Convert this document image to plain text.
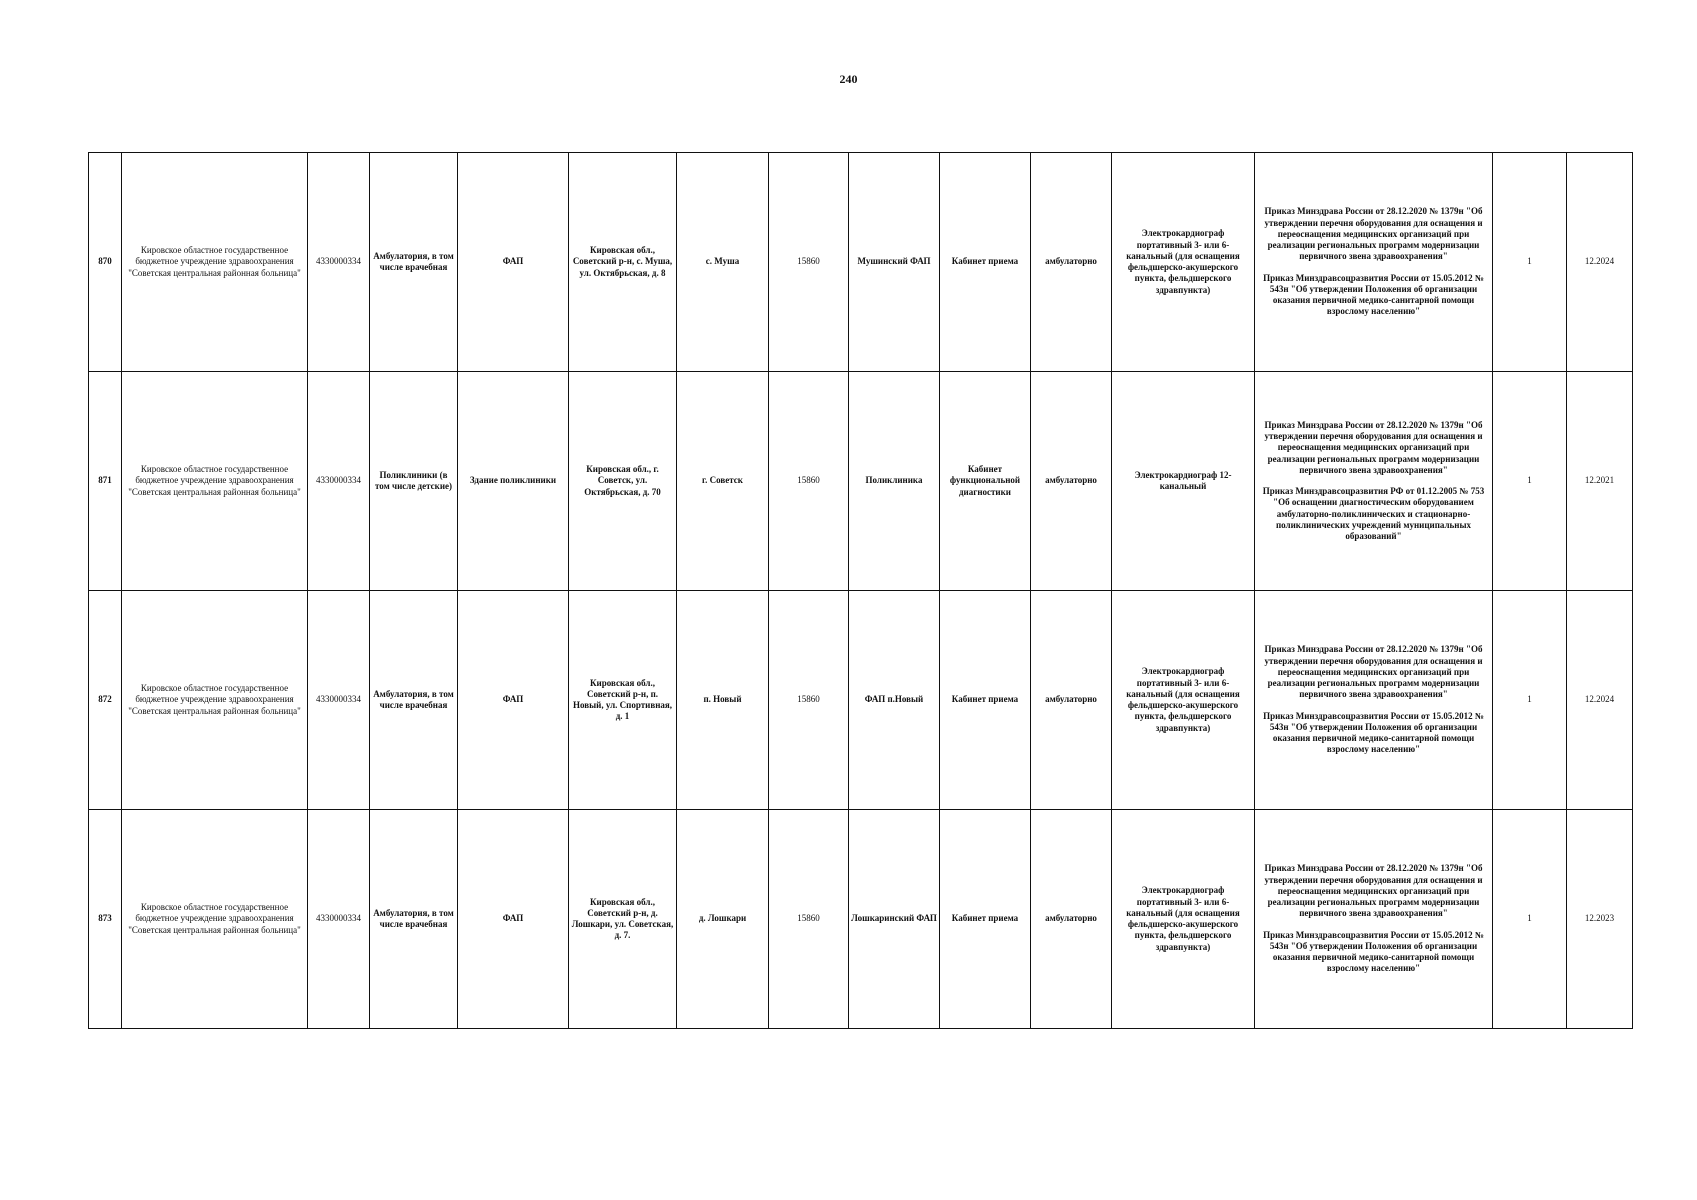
240
870	Кировское областное государственное бюджетное учреждение здравоохранения "Советская центральная районная больница"	4330000334	Амбулатория, в том числе врачебная	ФАП	Кировская обл., Советский р-н, с. Муша, ул. Октябрьская, д. 8	с. Муша	15860	Мушинский ФАП	Кабинет приема	амбулаторно	Электрокардиограф портативный 3- или 6-канальный (для оснащения фельдшерско-акушерского пункта, фельдшерского здравпункта)	Приказ Минздрава России от 28.12.2020 № 1379н "Об утверждении перечня оборудования для оснащения и переоснащения медицинских организаций при реализации региональных программ модернизации первичного звена здравоохранения"
Приказ Минздравсоцразвития России от 15.05.2012 № 543н "Об утверждении Положения об организации оказания первичной медико-санитарной помощи взрослому населению"	1	12.2024
871	Кировское областное государственное бюджетное учреждение здравоохранения "Советская центральная районная больница"	4330000334	Поликлиники (в том числе детские)	Здание поликлиники	Кировская обл., г. Советск, ул. Октябрьская, д. 70	г. Советск	15860	Поликлиника	Кабинет функциональной диагностики	амбулаторно	Электрокардиограф 12-канальный	Приказ Минздрава России от 28.12.2020 № 1379н "Об утверждении перечня оборудования для оснащения и переоснащения медицинских организаций при реализации региональных программ модернизации первичного звена здравоохранения"
Приказ Минздравсоцразвития РФ от 01.12.2005 № 753 "Об оснащении диагностическим оборудованием амбулаторно-поликлинических и стационарно-поликлинических учреждений муниципальных образований"	1	12.2021
872	Кировское областное государственное бюджетное учреждение здравоохранения "Советская центральная районная больница"	4330000334	Амбулатория, в том числе врачебная	ФАП	Кировская обл., Советский р-н, п. Новый, ул. Спортивная, д. 1	п. Новый	15860	ФАП п.Новый	Кабинет приема	амбулаторно	Электрокардиограф портативный 3- или 6-канальный (для оснащения фельдшерско-акушерского пункта, фельдшерского здравпункта)	Приказ Минздрава России от 28.12.2020 № 1379н "Об утверждении перечня оборудования для оснащения и переоснащения медицинских организаций при реализации региональных программ модернизации первичного звена здравоохранения"
Приказ Минздравсоцразвития России от 15.05.2012 № 543н "Об утверждении Положения об организации оказания первичной медико-санитарной помощи взрослому населению"	1	12.2024
873	Кировское областное государственное бюджетное учреждение здравоохранения "Советская центральная районная больница"	4330000334	Амбулатория, в том числе врачебная	ФАП	Кировская обл., Советский р-н, д. Лошкари, ул. Советская, д. 7.	д. Лошкари	15860	Лошкаринский ФАП	Кабинет приема	амбулаторно	Электрокардиограф портативный 3- или 6-канальный (для оснащения фельдшерско-акушерского пункта, фельдшерского здравпункта)	Приказ Минздрава России от 28.12.2020 № 1379н "Об утверждении перечня оборудования для оснащения и переоснащения медицинских организаций при реализации региональных программ модернизации первичного звена здравоохранения"
Приказ Минздравсоцразвития России от 15.05.2012 № 543н "Об утверждении Положения об организации оказания первичной медико-санитарной помощи взрослому населению"	1	12.2023
